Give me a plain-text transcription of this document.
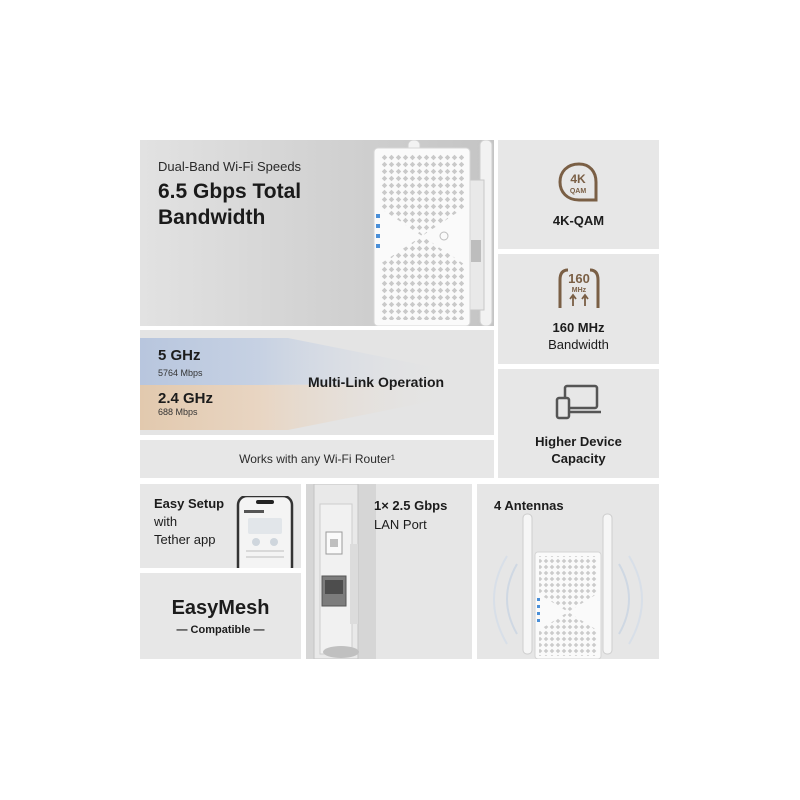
Dual-Band Wi-Fi Speeds
6.5 Gbps Total
Bandwidth
4K
QAM
4K-QAM
160
MHz
160 MHz
Bandwidth
Higher Device
Capacity
5 GHz
5764 Mbps
2.4 GHz
688 Mbps
Multi-Link Operation
Works with any Wi-Fi Router¹
Easy Setup
with
Tether app
EasyMesh
— Compatible —
1× 2.5 Gbps
LAN Port
4 Antennas
